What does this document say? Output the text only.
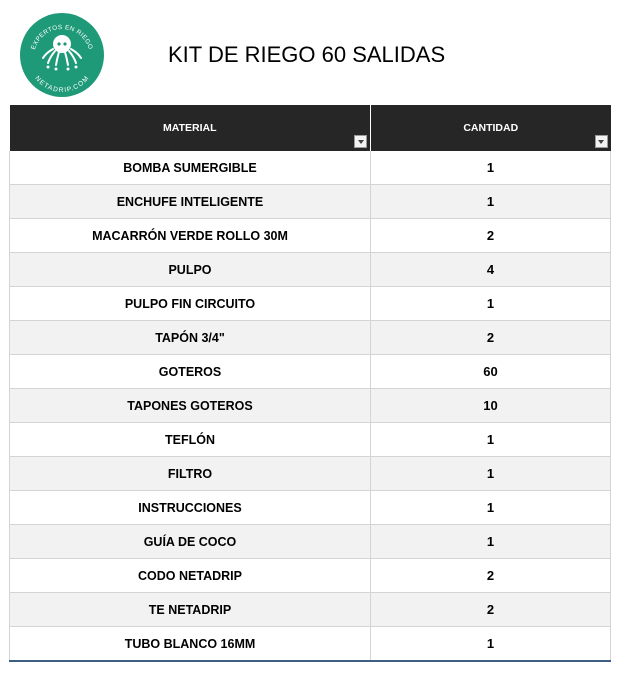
EXPERTOS EN RIEGO
NETADRIP.COM
KIT DE RIEGO 60 SALIDAS
MATERIAL	CANTIDAD

BOMBA SUMERGIBLE	1
ENCHUFE INTELIGENTE	1
MACARRÓN VERDE ROLLO 30M	2
PULPO	4
PULPO FIN CIRCUITO	1
TAPÓN 3/4"	2
GOTEROS	60
TAPONES GOTEROS	10
TEFLÓN	1
FILTRO	1
INSTRUCCIONES	1
GUÍA DE COCO	1
CODO NETADRIP	2
TE NETADRIP	2
TUBO BLANCO 16MM	1
